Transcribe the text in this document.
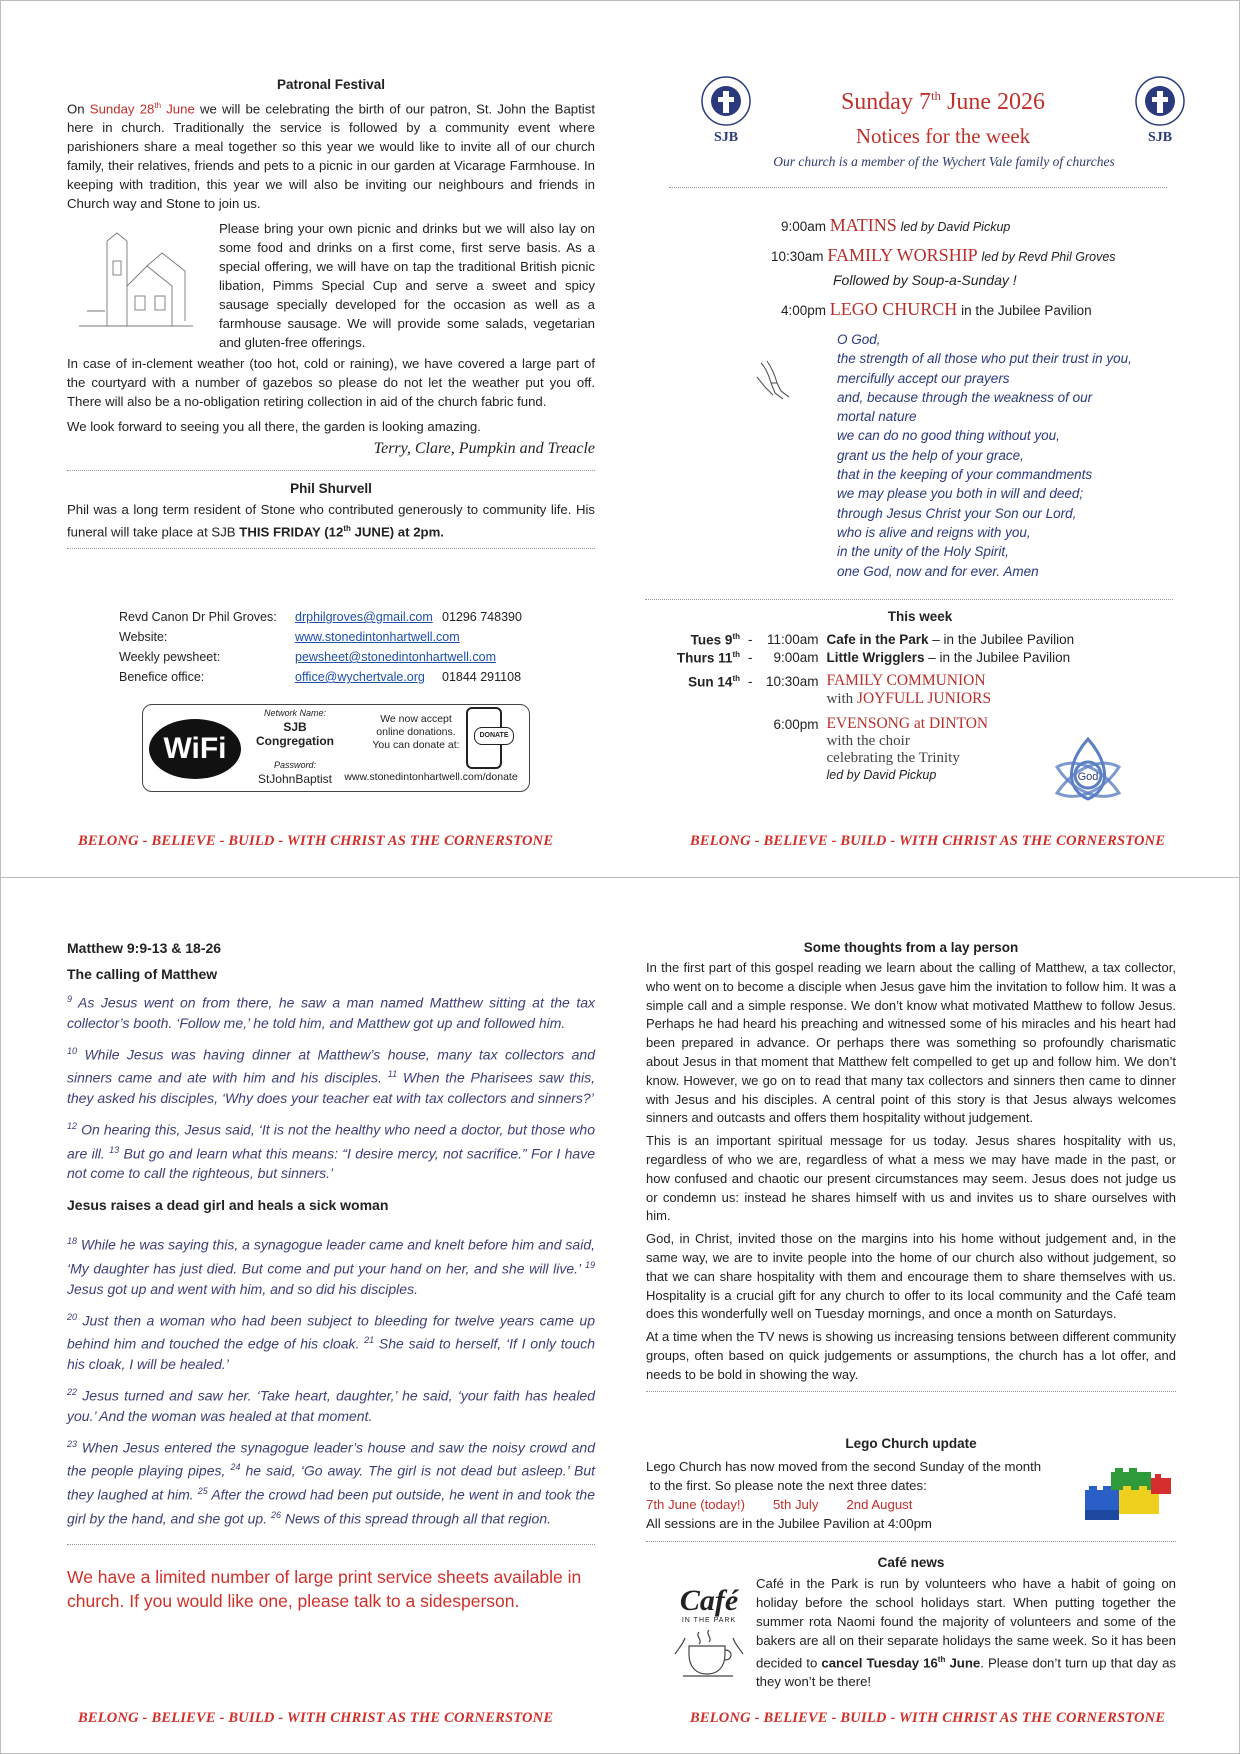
Patronal Festival

On Sunday 28th June we will be celebrating the birth of our patron, St. John the Baptist here in church. Traditionally the service is followed by a community event where parishioners share a meal together so this year we would like to invite all of our church family, their relatives, friends and pets to a picnic in our garden at Vicarage Farmhouse. In keeping with tradition, this year we will also be inviting our neighbours and friends in Church way and Stone to join us.

Please bring your own picnic and drinks but we will also lay on some food and drinks on a first come, first serve basis. As a special offering, we will have on tap the traditional British picnic libation, Pimms Special Cup and serve a sweet and spicy sausage specially developed for the occasion as well as a farmhouse sausage. We will provide some salads, vegetarian and gluten-free offerings.

In case of in-clement weather (too hot, cold or raining), we have covered a large part of the courtyard with a number of gazebos so please do not let the weather put you off. There will also be a no-obligation retiring collection in aid of the church fabric fund.

We look forward to seeing you all there, the garden is looking amazing.

Terry, Clare, Pumpkin and Treacle

Phil Shurvell

Phil was a long term resident of Stone who contributed generously to community life. His funeral will take place at SJB THIS FRIDAY (12th JUNE) at 2pm.

Revd Canon Dr Phil Groves:	drphilgroves@gmail.com	01296 748390
Website:	www.stonedintonhartwell.com	
Weekly pewsheet:	pewsheet@stonedintonhartwell.com	
Benefice office:	office@wychertvale.org	01844 291108
WiFi
Network Name:
SJB Congregation
Password:
StJohnBaptist
We now accept
online donations.
You can donate at:
www.stonedintonhartwell.com/donate
DONATE
BELONG - BELIEVE - BUILD - WITH CHRIST AS THE CORNERSTONE
SJB	SJB
Sunday 7th June 2026
Notices for the week
Our church is a member of the Wychert Vale family of churches
9:00am MATINS led by David Pickup
10:30am FAMILY WORSHIP led by Revd Phil Groves
Followed by Soup-a-Sunday !
4:00pm LEGO CHURCH in the Jubilee Pavilion

O God,

the strength of all those who put their trust in you,

mercifully accept our prayers

and, because through the weakness of our

mortal nature

we can do no good thing without you,

grant us the help of your grace,

that in the keeping of your commandments

we may please you both in will and deed;

through Jesus Christ your Son our Lord,

who is alive and reigns with you,

in the unity of the Holy Spirit,

one God, now and for ever. Amen

This week
Tues 9th	-	11:00am	Cafe in the Park – in the Jubilee Pavilion
Thurs 11th	-	9:00am	Little Wrigglers – in the Jubilee Pavilion
Sun 14th	-	10:30am	FAMILY COMMUNION
with JOYFULL JUNIORS
		6:00pm	EVENSONG at DINTON
with the choir
celebrating the Trinity
led by David Pickup	God
BELONG - BELIEVE - BUILD - WITH CHRIST AS THE CORNERSTONE

Matthew 9:9-13 & 18-26

The calling of Matthew

$^9$ As Jesus went on from there, he saw a man named Matthew sitting at the tax collector’s booth. ‘Follow me,’ he told him, and Matthew got up and followed him.

$^{10}$ While Jesus was having dinner at Matthew’s house, many tax collectors and sinners came and ate with him and his disciples. $^{11}$ When the Pharisees saw this, they asked his disciples, ‘Why does your teacher eat with tax collectors and sinners?’

$^{12}$ On hearing this, Jesus said, ‘It is not the healthy who need a doctor, but those who are ill. $^{13}$ But go and learn what this means: “I desire mercy, not sacrifice.” For I have not come to call the righteous, but sinners.’

Jesus raises a dead girl and heals a sick woman

$^{18}$ While he was saying this, a synagogue leader came and knelt before him and said, ‘My daughter has just died. But come and put your hand on her, and she will live.’ $^{19}$ Jesus got up and went with him, and so did his disciples.

$^{20}$ Just then a woman who had been subject to bleeding for twelve years came up behind him and touched the edge of his cloak. $^{21}$ She said to herself, ‘If I only touch his cloak, I will be healed.’

$^{22}$ Jesus turned and saw her. ‘Take heart, daughter,’ he said, ‘your faith has healed you.’ And the woman was healed at that moment.

$^{23}$ When Jesus entered the synagogue leader’s house and saw the noisy crowd and the people playing pipes, $^{24}$ he said, ‘Go away. The girl is not dead but asleep.’ But they laughed at him. $^{25}$ After the crowd had been put outside, he went in and took the girl by the hand, and she got up. $^{26}$ News of this spread through all that region.

We have a limited number of large print service sheets available in church. If you would like one, please talk to a sidesperson.

BELONG - BELIEVE - BUILD - WITH CHRIST AS THE CORNERSTONE

Some thoughts from a lay person

In the first part of this gospel reading we learn about the calling of Matthew, a tax collector, who went on to become a disciple when Jesus gave him the invitation to follow him. It was a simple call and a simple response. We don’t know what motivated Matthew to follow Jesus. Perhaps he had heard his preaching and witnessed some of his miracles and his heart had been prepared in advance. Or perhaps there was something so profoundly charismatic about Jesus in that moment that Matthew felt compelled to get up and follow him. We don’t know. However, we go on to read that many tax collectors and sinners then came to dinner with Jesus and his disciples. A central point of this story is that Jesus always welcomes sinners and outcasts and offers them hospitality without judgement.

This is an important spiritual message for us today. Jesus shares hospitality with us, regardless of who we are, regardless of what a mess we may have made in the past, or how confused and chaotic our present circumstances may seem. Jesus does not judge us or condemn us: instead he shares himself with us and invites us to share ourselves with him.

God, in Christ, invited those on the margins into his home without judgement and, in the same way, we are to invite people into the home of our church also without judgement, so that we can share hospitality with them and encourage them to share themselves with us. Hospitality is a crucial gift for any church to offer to its local community and the Café team does this wonderfully well on Tuesday mornings, and once a month on Saturdays.

At a time when the TV news is showing us increasing tensions between different community groups, often based on quick judgements or assumptions, the church has a lot offer, and needs to be bold in showing the way.

Lego Church update

Lego Church has now moved from the second Sunday of the month

to the first. So please note the next three dates:

7th June (today!) 5th July 2nd August

All sessions are in the Jubilee Pavilion at 4:00pm

Café news

Café
IN THE PARK

Café in the Park is run by volunteers who have a habit of going on holiday before the school holidays start. When putting together the summer rota Naomi found the majority of volunteers and some of the bakers are all on their separate holidays the same week. So it has been decided to cancel Tuesday 16th June. Please don’t turn up that day as they won’t be there!

BELONG - BELIEVE - BUILD - WITH CHRIST AS THE CORNERSTONE
